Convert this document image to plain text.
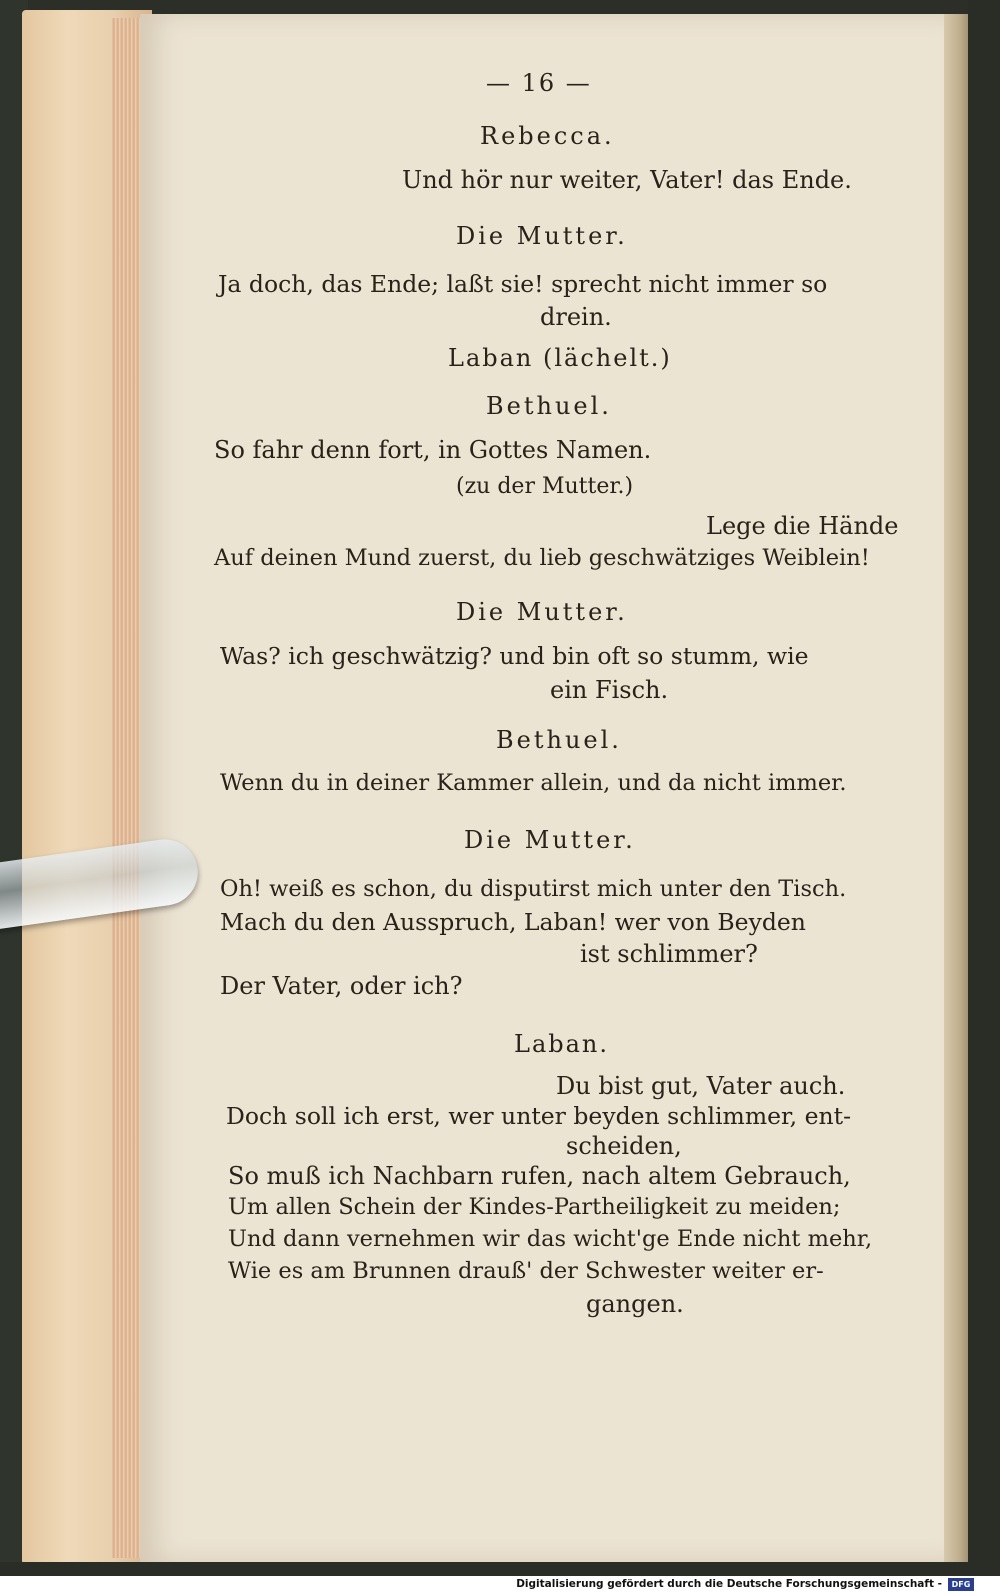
— 16 —
Rebecca.
Und hör nur weiter, Vater! das Ende.
Die Mutter.
Ja doch, das Ende; laßt sie! sprecht nicht immer so
drein.
Laban (lächelt.)
Bethuel.
So fahr denn fort, in Gottes Namen.
(zu der Mutter.)
Lege die Hände
Auf deinen Mund zuerst, du lieb geschwätziges Weiblein!
Die Mutter.
Was? ich geschwätzig? und bin oft so stumm, wie
ein Fisch.
Bethuel.
Wenn du in deiner Kammer allein, und da nicht immer.
Die Mutter.
Oh! weiß es schon, du disputirst mich unter den Tisch.
Mach du den Ausspruch, Laban! wer von Beyden
ist schlimmer?
Der Vater, oder ich?
Laban.
Du bist gut, Vater auch.
Doch soll ich erst, wer unter beyden schlimmer, ent-
scheiden,
So muß ich Nachbarn rufen, nach altem Gebrauch,
Um allen Schein der Kindes-Partheiligkeit zu meiden;
Und dann vernehmen wir das wicht'ge Ende nicht mehr,
Wie es am Brunnen drauß' der Schwester weiter er-
gangen.
Digitalisierung gefördert durch die Deutsche Forschungsgemeinschaft -	DFG
